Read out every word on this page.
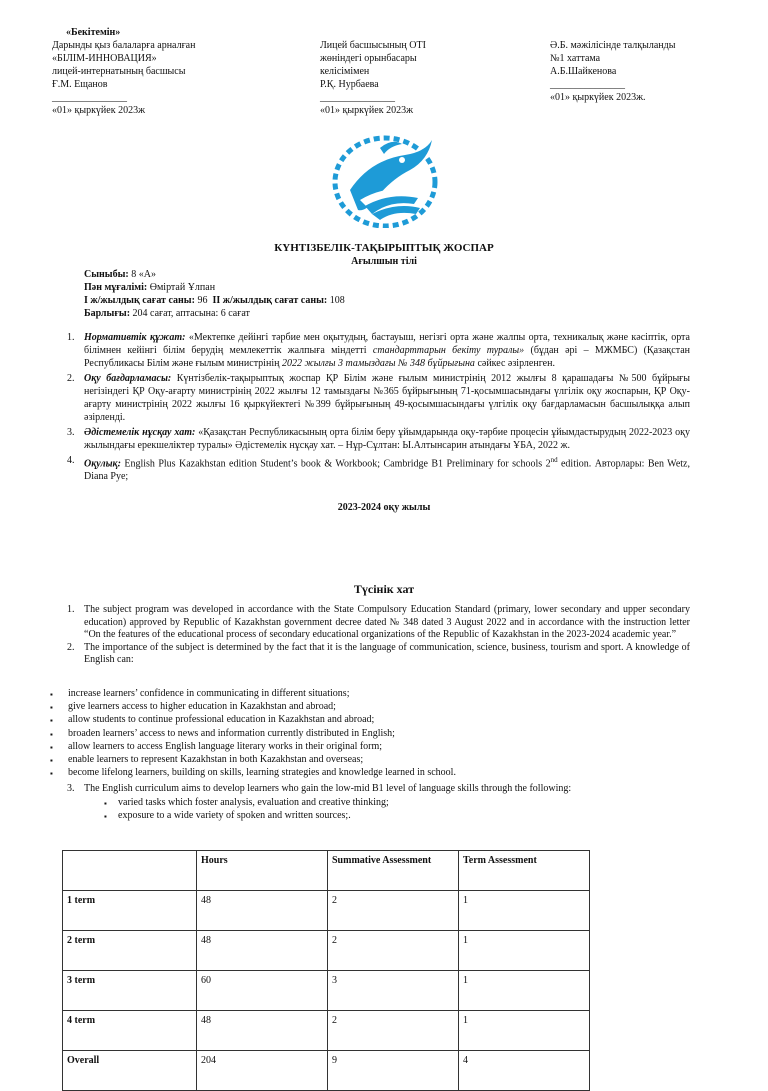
«Бекітемін»
Дарынды қыз балаларға арналған
«БІЛІМ-ИННОВАЦИЯ»
лицей-интернатының басшысы
Ғ.М. Ещанов
_______________
«01» қыркүйек 2023ж
Лицей басшысының ОТІ
жөніндегі орынбасары
келісімімен
Р.Қ. Нурбаева
_______________
«01» қыркүйек 2023ж
Ә.Б. мәжілісінде талқыланды
№1 хаттама
А.Б.Шайкенова
_______________
«01» қыркүйек 2023ж.
КҮНТІЗБЕЛІК-ТАҚЫРЫПТЫҚ ЖОСПАР
Ағылшын тілі
Сыныбы: 8 «А»
Пән мұғалімі: Өміртай Ұлпан
І ж/жылдық сағат саны: 96 ІІ ж/жылдық сағат саны: 108
Барлығы: 204 сағат, аптасына: 6 сағат
1. Нормативтік құжат: «Мектепке дейінгі тәрбие мен оқытудың, бастауыш, негізгі орта және жалпы орта, техникалық және кәсіптік, орта білімнен кейінгі білім берудің мемлекеттік жалпыға міндетті стандарттарын бекіту туралы» (бұдан әрі – МЖМБС) (Қазақстан Республикасы Білім және ғылым министрінің 2022 жылғы 3 тамыздағы № 348 бұйрығына сәйкес әзірленген.
2. Оқу бағдарламасы: Күнтізбелік-тақырыптық жоспар ҚР Білім және ғылым министрінің 2012 жылғы 8 қарашадағы №500 бұйрығы негізіндегі ҚР Оқу-ағарту министрінің 2022 жылғы 12 тамыздағы №365 бұйрығының 71-қосымшасындағы үлгілік оқу жоспарын, ҚР Оқу-ағарту министрінің 2022 жылғы 16 қыркүйектегі №399 бұйрығының 49-қосымшасындағы үлгілік оқу бағдарламасын басшылыққа алып әзірленді.
3. Әдістемелік нұсқау хат: «Қазақстан Республикасының орта білім беру ұйымдарында оқу-тәрбие процесін ұйымдастырудың 2022-2023 оқу жылындағы ерекшеліктер туралы» Әдістемелік нұсқау хат. – Нұр-Сұлтан: Ы.Алтынсарин атындағы ҰБА, 2022 ж.
4. Оқулық: English Plus Kazakhstan edition Student’s book & Workbook; Cambridge B1 Preliminary for schools 2nd edition. Авторлары: Ben Wetz, Diana Pye;
2023-2024 оқу жылы
Түсінік хат
1. The subject program was developed in accordance with the State Compulsory Education Standard (primary, lower secondary and upper secondary education) approved by Republic of Kazakhstan government decree dated № 348 dated 3 August 2022 and in accordance with the instruction letter “On the features of the educational process of secondary educational organizations of the Republic of Kazakhstan in the 2023-2024 academic year.”
2. The importance of the subject is determined by the fact that it is the language of communication, science, business, tourism and sport. A knowledge of English can:
▪ increase learners’ confidence in communicating in different situations;
▪ give learners access to higher education in Kazakhstan and abroad;
▪ allow students to continue professional education in Kazakhstan and abroad;
▪ broaden learners’ access to news and information currently distributed in English;
▪ allow learners to access English language literary works in their original form;
▪ enable learners to represent Kazakhstan in both Kazakhstan and overseas;
▪ become lifelong learners, building on skills, learning strategies and knowledge learned in school.
3. The English curriculum aims to develop learners who gain the low-mid B1 level of language skills through the following:
▪ varied tasks which foster analysis, evaluation and creative thinking;
▪ exposure to a wide variety of spoken and written sources;.
	Hours	Summative Assessment	Term Assessment
1 term	48	2	1
2 term	48	2	1
3 term	60	3	1
4 term	48	2	1
Overall	204	9	4
